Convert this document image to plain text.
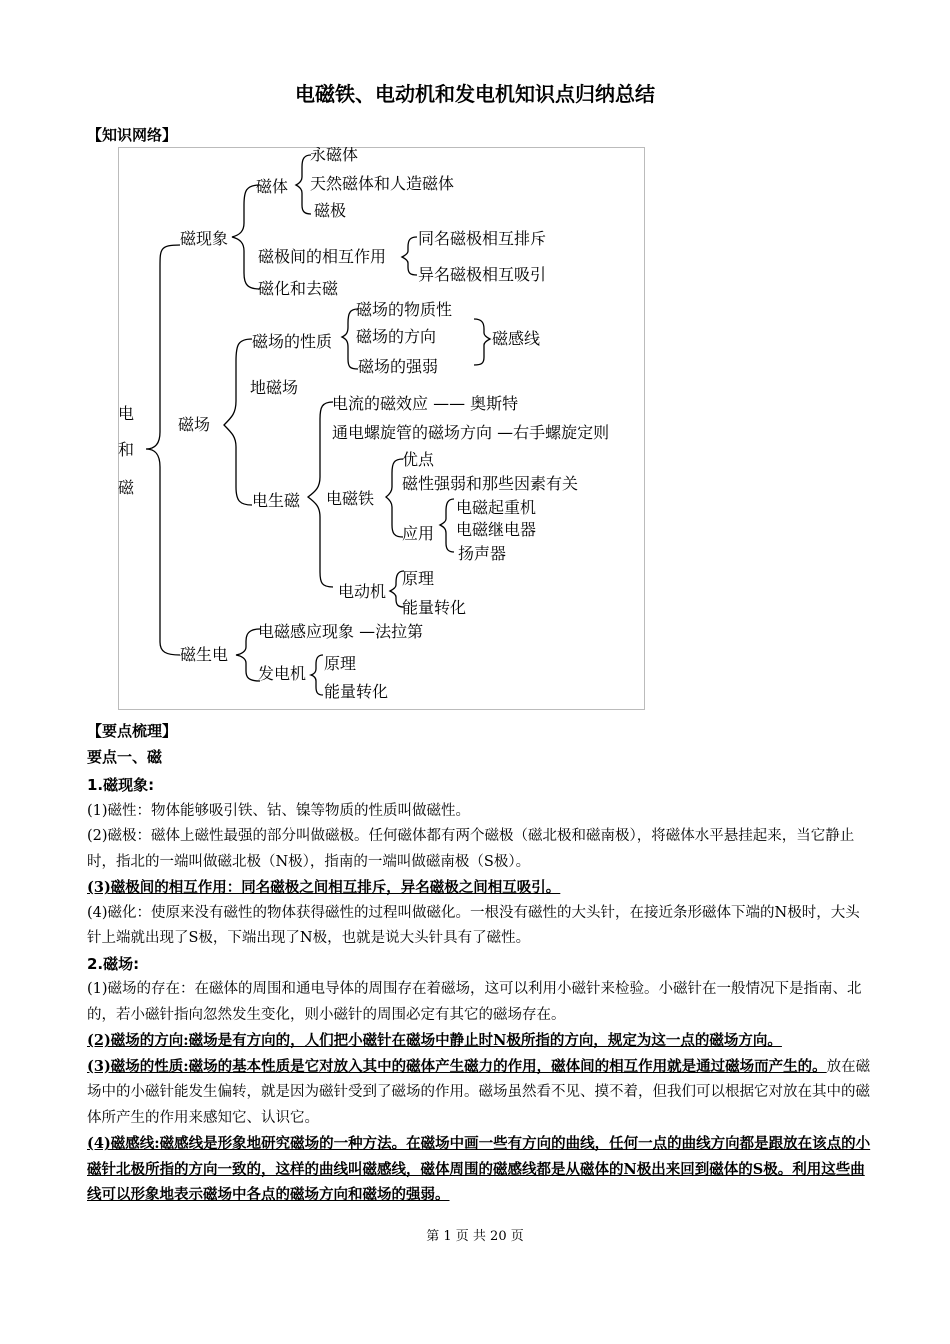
电磁铁、电动机和发电机知识点归纳总结
【知识网络】
电
和
磁
磁现象
磁体
永磁体
天然磁体和人造磁体
磁极
磁极间的相互作用
同名磁极相互排斥
异名磁极相互吸引
磁化和去磁
磁场
磁场的性质
磁场的物质性
磁场的方向
磁场的强弱
磁感线
地磁场
电生磁
电流的磁效应 —— 奥斯特
通电螺旋管的磁场方向 —右手螺旋定则
电磁铁
优点
磁性强弱和那些因素有关
应用
电磁起重机
电磁继电器
扬声器
电动机
原理
能量转化
磁生电
电磁感应现象 —法拉第
发电机
原理
能量转化
【要点梳理】
要点一、磁

1.磁现象:

(1)磁性：物体能够吸引铁、钴、镍等物质的性质叫做磁性。

(2)磁极：磁体上磁性最强的部分叫做磁极。任何磁体都有两个磁极（磁北极和磁南极），将磁体水平悬挂起来，当它静止时，指北的一端叫做磁北极（N极），指南的一端叫做磁南极（S极）。

(3)磁极间的相互作用：同名磁极之间相互排斥，异名磁极之间相互吸引。

(4)磁化：使原来没有磁性的物体获得磁性的过程叫做磁化。一根没有磁性的大头针，在接近条形磁体下端的N极时，大头针上端就出现了S极，下端出现了N极，也就是说大头针具有了磁性。

2.磁场:

(1)磁场的存在：在磁体的周围和通电导体的周围存在着磁场，这可以利用小磁针来检验。小磁针在一般情况下是指南、北的，若小磁针指向忽然发生变化，则小磁针的周围必定有其它的磁场存在。

(2)磁场的方向:磁场是有方向的，人们把小磁针在磁场中静止时N极所指的方向，规定为这一点的磁场方向。

(3)磁场的性质:磁场的基本性质是它对放入其中的磁体产生磁力的作用，磁体间的相互作用就是通过磁场而产生的。放在磁场中的小磁针能发生偏转，就是因为磁针受到了磁场的作用。磁场虽然看不见、摸不着，但我们可以根据它对放在其中的磁体所产生的作用来感知它、认识它。

(4)磁感线:磁感线是形象地研究磁场的一种方法。在磁场中画一些有方向的曲线，任何一点的曲线方向都是跟放在该点的小磁针北极所指的方向一致的，这样的曲线叫磁感线，磁体周围的磁感线都是从磁体的N极出来回到磁体的S极。利用这些曲线可以形象地表示磁场中各点的磁场方向和磁场的强弱。

第 1 页 共 20 页
